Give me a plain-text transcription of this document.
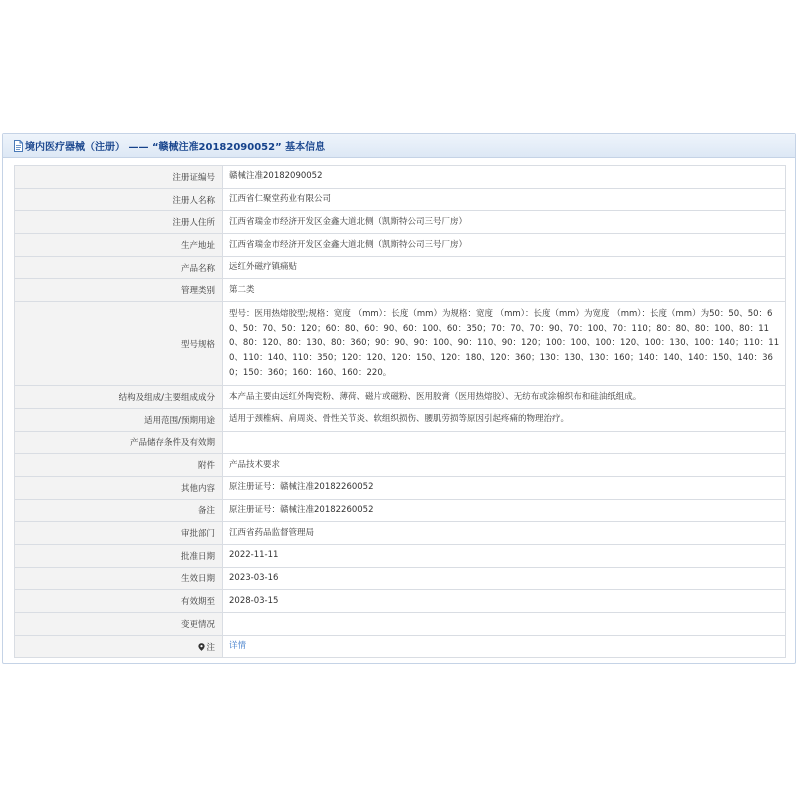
境内医疗器械（注册） —— “赣械注准20182090052” 基本信息
注册证编号	赣械注准20182090052
注册人名称	江西省仁聚堂药业有限公司
注册人住所	江西省瑞金市经济开发区金鑫大道北侧（凯斯特公司三号厂房）
生产地址	江西省瑞金市经济开发区金鑫大道北侧（凯斯特公司三号厂房）
产品名称	远红外磁疗镇痛贴
管理类别	第二类
型号规格	型号：医用热熔胶型;规格：宽度 （mm）：长度（mm）为规格：宽度 （mm）：长度（mm）为宽度 （mm）：长度（mm）为50：50、50：60、50：70、50：120；60：80、60：90、60：100、60：350；70：70、70：90、70：100、70：110；80：80、80：100、80：110、80：120、80：130、80：360；90：90、90：100、90：110、90：120；100：100、100：120、100：130、100：140；110：110、110：140、110：350；120：120、120：150、120：180、120：360；130：130、130：160；140：140、140：150、140：360；150：360；160：160、160：220。
结构及组成/主要组成成分	本产品主要由远红外陶瓷粉、薄荷、磁片或磁粉、医用胶膏（医用热熔胶）、无纺布或涂棉织布和硅油纸组成。
适用范围/预期用途	适用于颈椎病、肩周炎、骨性关节炎、软组织损伤、腰肌劳损等原因引起疼痛的物理治疗。
产品储存条件及有效期	
附件	产品技术要求
其他内容	原注册证号：赣械注准20182260052
备注	原注册证号：赣械注准20182260052
审批部门	江西省药品监督管理局
批准日期	2022-11-11
生效日期	2023-03-16
有效期至	2028-03-15
变更情况	
注	详情
